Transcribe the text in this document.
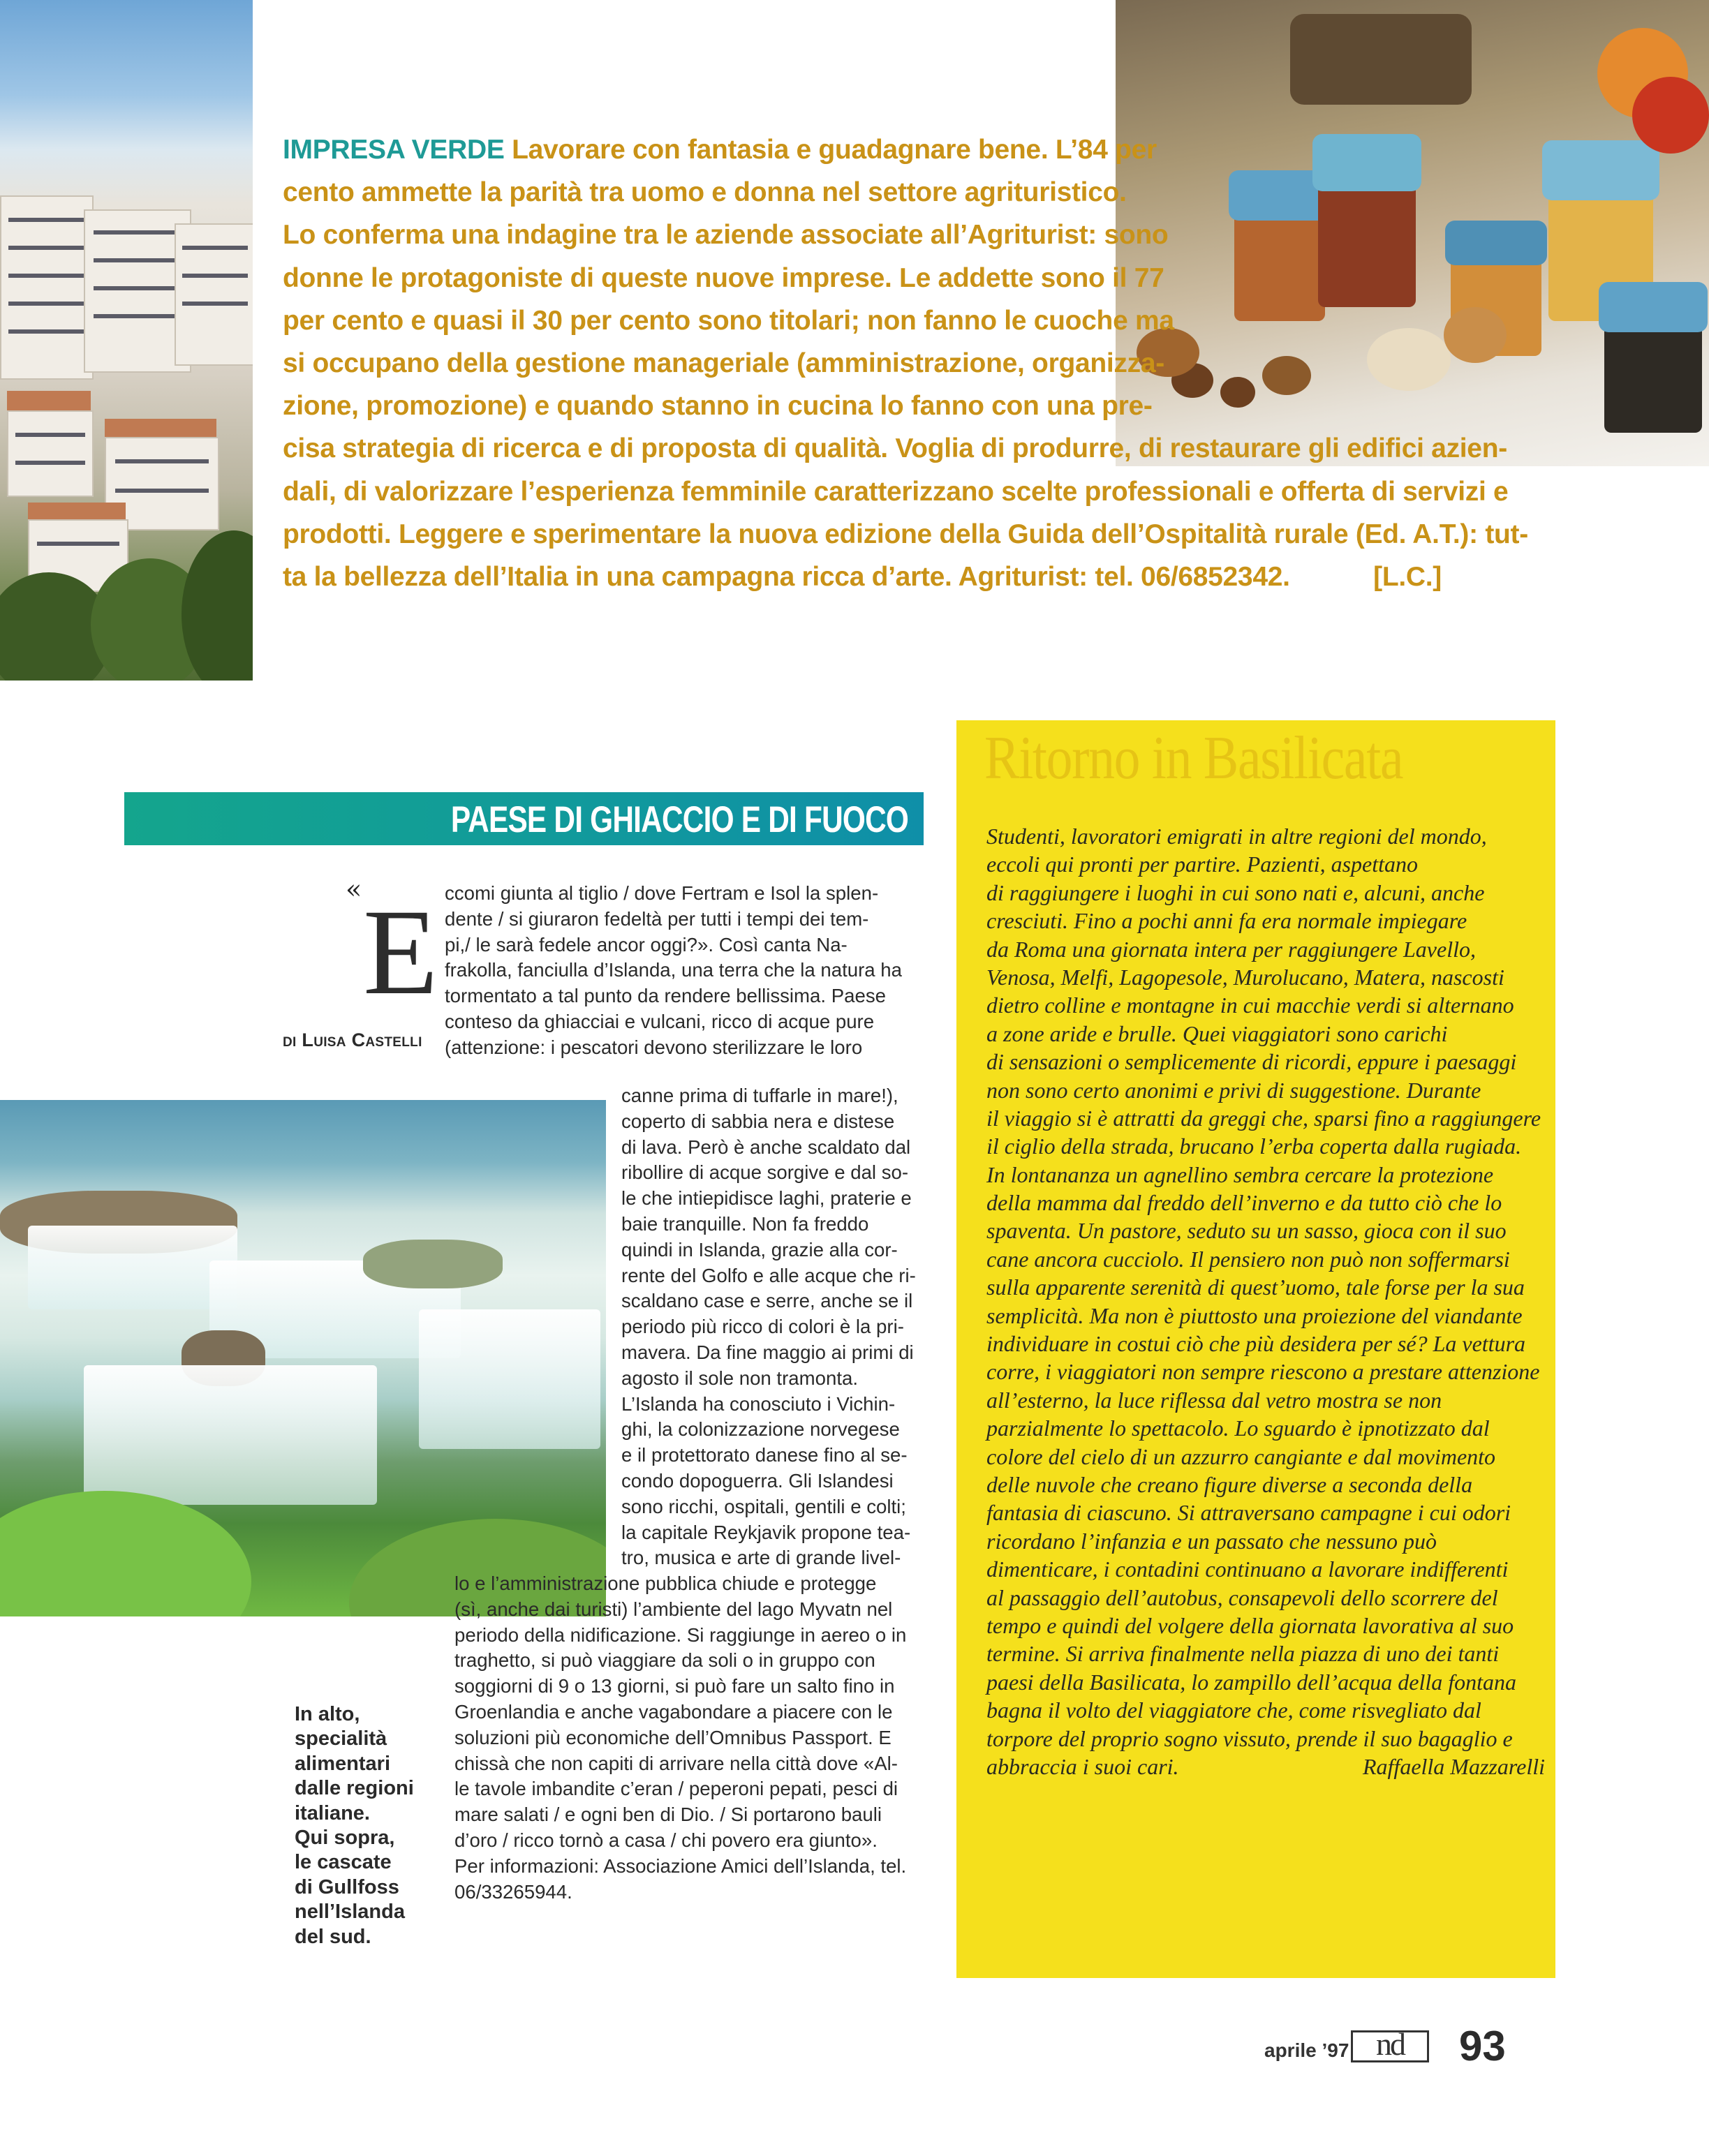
IMPRESA VERDE Lavorare con fantasia e guadagnare bene. L’84 per
cento ammette la parità tra uomo e donna nel settore agrituristico.
Lo conferma una indagine tra le aziende associate all’Agriturist: sono
donne le protagoniste di queste nuove imprese. Le addette sono il 77
per cento e quasi il 30 per cento sono titolari; non fanno le cuoche ma
si occupano della gestione manageriale (amministrazione, organizza-
zione, promozione) e quando stanno in cucina lo fanno con una pre-
cisa strategia di ricerca e di proposta di qualità. Voglia di produrre, di restaurare gli edifici azien-
dali, di valorizzare l’esperienza femminile caratterizzano scelte professionali e offerta di servizi e
prodotti. Leggere e sperimentare la nuova edizione della Guida dell’Ospitalità rurale (Ed. A.T.): tut-
ta la bellezza dell’Italia in una campagna ricca d’arte. Agriturist: tel. 06/6852342.	[L.C.]
PAESE DI GHIACCIO E DI FUOCO
« E
di Luisa Castelli
ccomi giunta al tiglio / dove Fertram e Isol la splen-
dente / si giuraron fedeltà per tutti i tempi dei tem-
pi,/ le sarà fedele ancor oggi?». Così canta Na-
frakolla, fanciulla d’Islanda, una terra che la natura ha
tormentato a tal punto da rendere bellissima. Paese
conteso da ghiacciai e vulcani, ricco di acque pure
(attenzione: i pescatori devono sterilizzare le loro
canne prima di tuffarle in mare!),
coperto di sabbia nera e distese
di lava. Però è anche scaldato dal
ribollire di acque sorgive e dal so-
le che intiepidisce laghi, praterie e
baie tranquille. Non fa freddo
quindi in Islanda, grazie alla cor-
rente del Golfo e alle acque che ri-
scaldano case e serre, anche se il
periodo più ricco di colori è la pri-
mavera. Da fine maggio ai primi di
agosto il sole non tramonta.
L’Islanda ha conosciuto i Vichin-
ghi, la colonizzazione norvegese
e il protettorato danese fino al se-
condo dopoguerra. Gli Islandesi
sono ricchi, ospitali, gentili e colti;
la capitale Reykjavik propone tea-
tro, musica e arte di grande livel-
lo e l’amministrazione pubblica chiude e protegge
(sì, anche dai turisti) l’ambiente del lago Myvatn nel
periodo della nidificazione. Si raggiunge in aereo o in
traghetto, si può viaggiare da soli o in gruppo con
soggiorni di 9 o 13 giorni, si può fare un salto fino in
Groenlandia e anche vagabondare a piacere con le
soluzioni più economiche dell’Omnibus Passport. E
chissà che non capiti di arrivare nella città dove «Al-
le tavole imbandite c’eran / peperoni pepati, pesci di
mare salati / e ogni ben di Dio. / Si portarono bauli
d’oro / ricco tornò a casa / chi povero era giunto».
Per informazioni: Associazione Amici dell’Islanda, tel.
06/33265944.
In alto,
specialità
alimentari
dalle regioni
italiane.
Qui sopra,
le cascate
di Gullfoss
nell’Islanda
del sud.
Ritorno in Basilicata
Studenti, lavoratori emigrati in altre regioni del mondo,
eccoli qui pronti per partire. Pazienti, aspettano
di raggiungere i luoghi in cui sono nati e, alcuni, anche
cresciuti. Fino a pochi anni fa era normale impiegare
da Roma una giornata intera per raggiungere Lavello,
Venosa, Melfi, Lagopesole, Murolucano, Matera, nascosti
dietro colline e montagne in cui macchie verdi si alternano
a zone aride e brulle. Quei viaggiatori sono carichi
di sensazioni o semplicemente di ricordi, eppure i paesaggi
non sono certo anonimi e privi di suggestione. Durante
il viaggio si è attratti da greggi che, sparsi fino a raggiungere
il ciglio della strada, brucano l’erba coperta dalla rugiada.
In lontananza un agnellino sembra cercare la protezione
della mamma dal freddo dell’inverno e da tutto ciò che lo
spaventa. Un pastore, seduto su un sasso, gioca con il suo
cane ancora cucciolo. Il pensiero non può non soffermarsi
sulla apparente serenità di quest’uomo, tale forse per la sua
semplicità. Ma non è piuttosto una proiezione del viandante
individuare in costui ciò che più desidera per sé? La vettura
corre, i viaggiatori non sempre riescono a prestare attenzione
all’esterno, la luce riflessa dal vetro mostra se non
parzialmente lo spettacolo. Lo sguardo è ipnotizzato dal
colore del cielo di un azzurro cangiante e dal movimento
delle nuvole che creano figure diverse a seconda della
fantasia di ciascuno. Si attraversano campagne i cui odori
ricordano l’infanzia e un passato che nessuno può
dimenticare, i contadini continuano a lavorare indifferenti
al passaggio dell’autobus, consapevoli dello scorrere del
tempo e quindi del volgere della giornata lavorativa al suo
termine. Si arriva finalmente nella piazza di uno dei tanti
paesi della Basilicata, lo zampillo dell’acqua della fontana
bagna il volto del viaggiatore che, come risvegliato dal
torpore del proprio sogno vissuto, prende il suo bagaglio e
abbraccia i suoi cari.	Raffaella Mazzarelli
aprile ’97 nd	93
